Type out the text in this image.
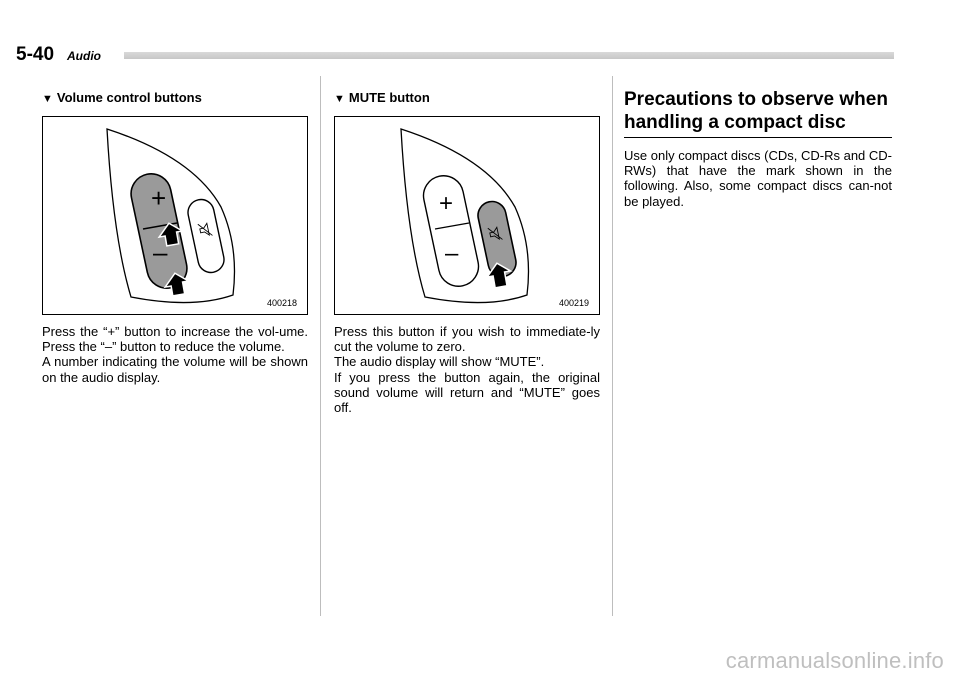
5-40 Audio
▼ Volume control buttons
+
–
400218

Press the “+” button to increase the vol-ume. Press the “–” button to reduce the volume.

A number indicating the volume will be shown on the audio display.

▼ MUTE button
+
–
400219

Press this button if you wish to immediate-ly cut the volume to zero.

The audio display will show “MUTE”.

If you press the button again, the original sound volume will return and “MUTE” goes off.

Precautions to observe when handling a compact disc

Use only compact discs (CDs, CD-Rs and CD-RWs) that have the mark shown in the following. Also, some compact discs can-not be played.

carmanualsonline.info
